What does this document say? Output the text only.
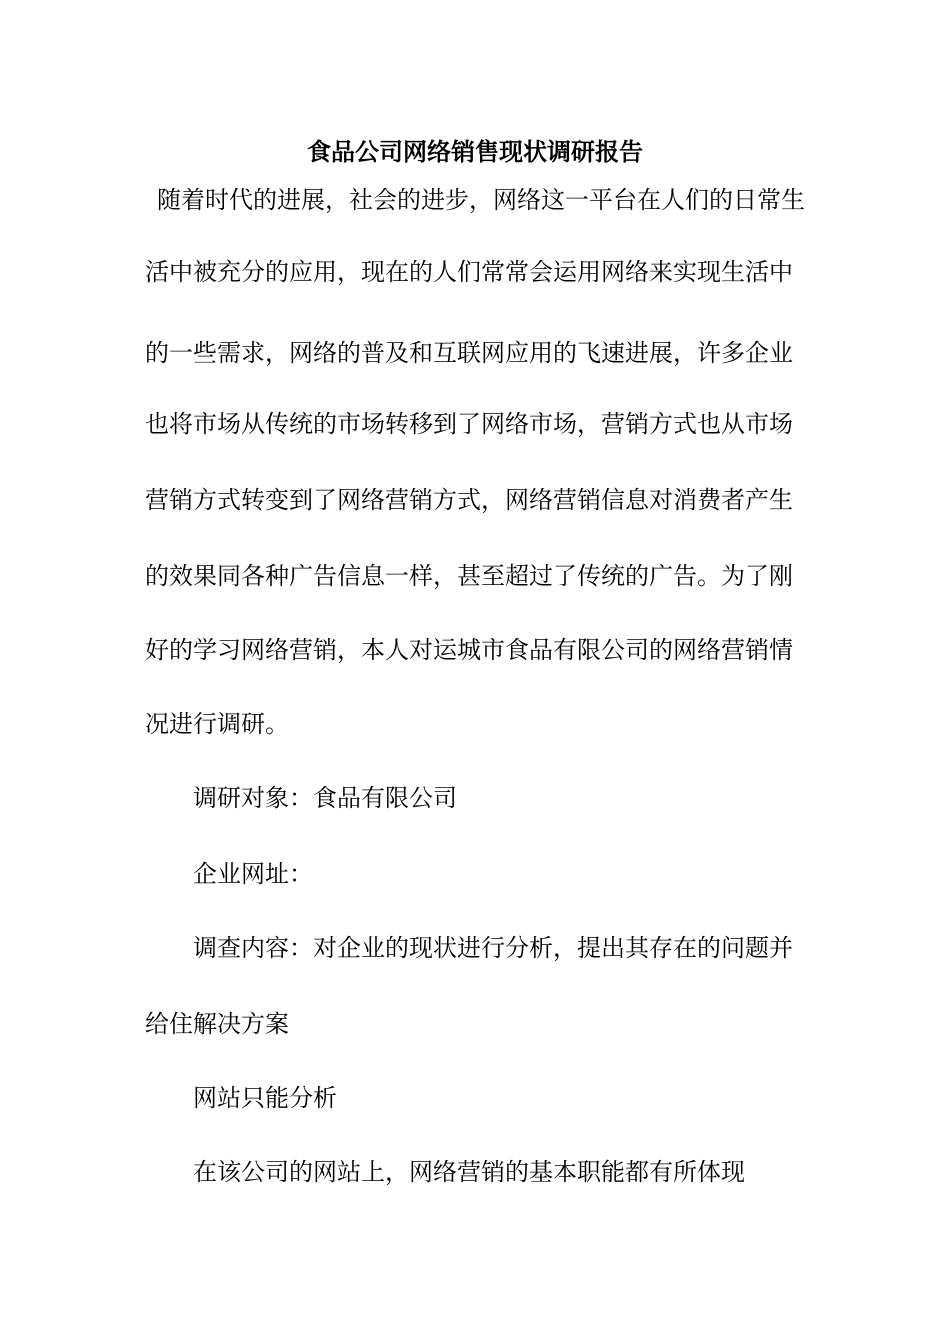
食品公司网络销售现状调研报告
随着时代的进展，社会的进步，网络这一平台在人们的日常生
活中被充分的应用，现在的人们常常会运用网络来实现生活中
的一些需求，网络的普及和互联网应用的飞速进展，许多企业
也将市场从传统的市场转移到了网络市场，营销方式也从市场
营销方式转变到了网络营销方式，网络营销信息对消费者产生
的效果同各种广告信息一样，甚至超过了传统的广告。为了刚
好的学习网络营销，本人对运城市食品有限公司的网络营销情
况进行调研。
调研对象：食品有限公司
企业网址：
调查内容：对企业的现状进行分析，提出其存在的问题并
给住解决方案
网站只能分析
在该公司的网站上，网络营销的基本职能都有所体现
